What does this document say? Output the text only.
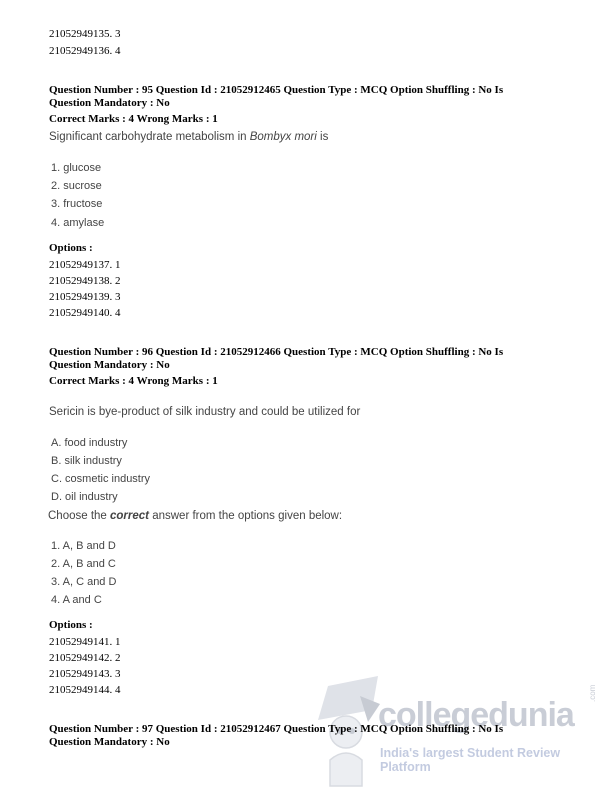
21052949135. 3
21052949136. 4
Question Number : 95 Question Id : 21052912465 Question Type : MCQ Option Shuffling : No Is
Question Mandatory : No
Correct Marks : 4 Wrong Marks : 1
Significant carbohydrate metabolism in Bombyx mori is
1. glucose
2. sucrose
3. fructose
4. amylase
Options :
21052949137. 1
21052949138. 2
21052949139. 3
21052949140. 4
Question Number : 96 Question Id : 21052912466 Question Type : MCQ Option Shuffling : No Is
Question Mandatory : No
Correct Marks : 4 Wrong Marks : 1
Sericin is bye-product of silk industry and could be utilized for
A. food industry
B. silk industry
C. cosmetic industry
D. oil industry
Choose the correct answer from the options given below:
1. A, B and D
2. A, B and C
3. A, C and D
4. A and C
Options :
21052949141. 1
21052949142. 2
21052949143. 3
21052949144. 4
collegedunia
.com
India's largest Student Review Platform
Question Number : 97 Question Id : 21052912467 Question Type : MCQ Option Shuffling : No Is
Question Mandatory : No
